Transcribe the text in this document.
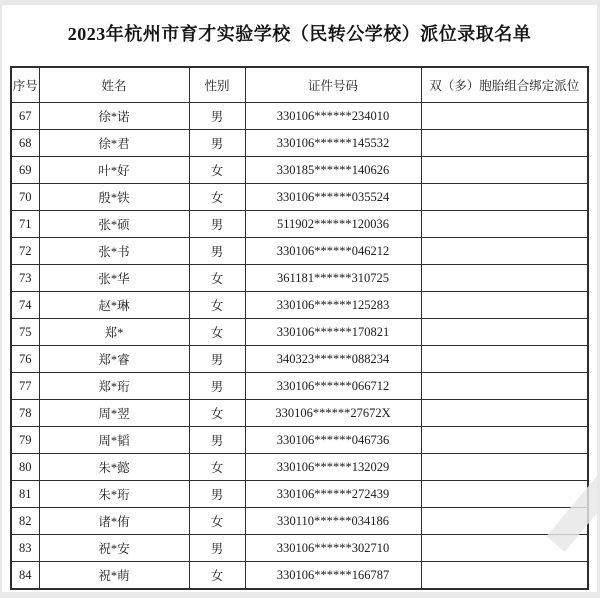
2023年杭州市育才实验学校（民转公学校）派位录取名单
序号	姓名	性别	证件号码	双（多）胞胎组合绑定派位
67	徐*诺	男	330106******234010	
68	徐*君	男	330106******145532	
69	叶*好	女	330185******140626	
70	殷*铁	女	330106******035524	
71	张*硕	男	511902******120036	
72	张*书	男	330106******046212	
73	张*华	女	361181******310725	
74	赵*琳	女	330106******125283	
75	郑*	女	330106******170821	
76	郑*睿	男	340323******088234	
77	郑*珩	男	330106******066712	
78	周*翌	女	330106******27672X	
79	周*韬	男	330106******046736	
80	朱*懿	女	330106******132029	
81	朱*珩	男	330106******272439	
82	诸*侑	女	330110******034186	
83	祝*安	男	330106******302710	
84	祝*萌	女	330106******166787	
